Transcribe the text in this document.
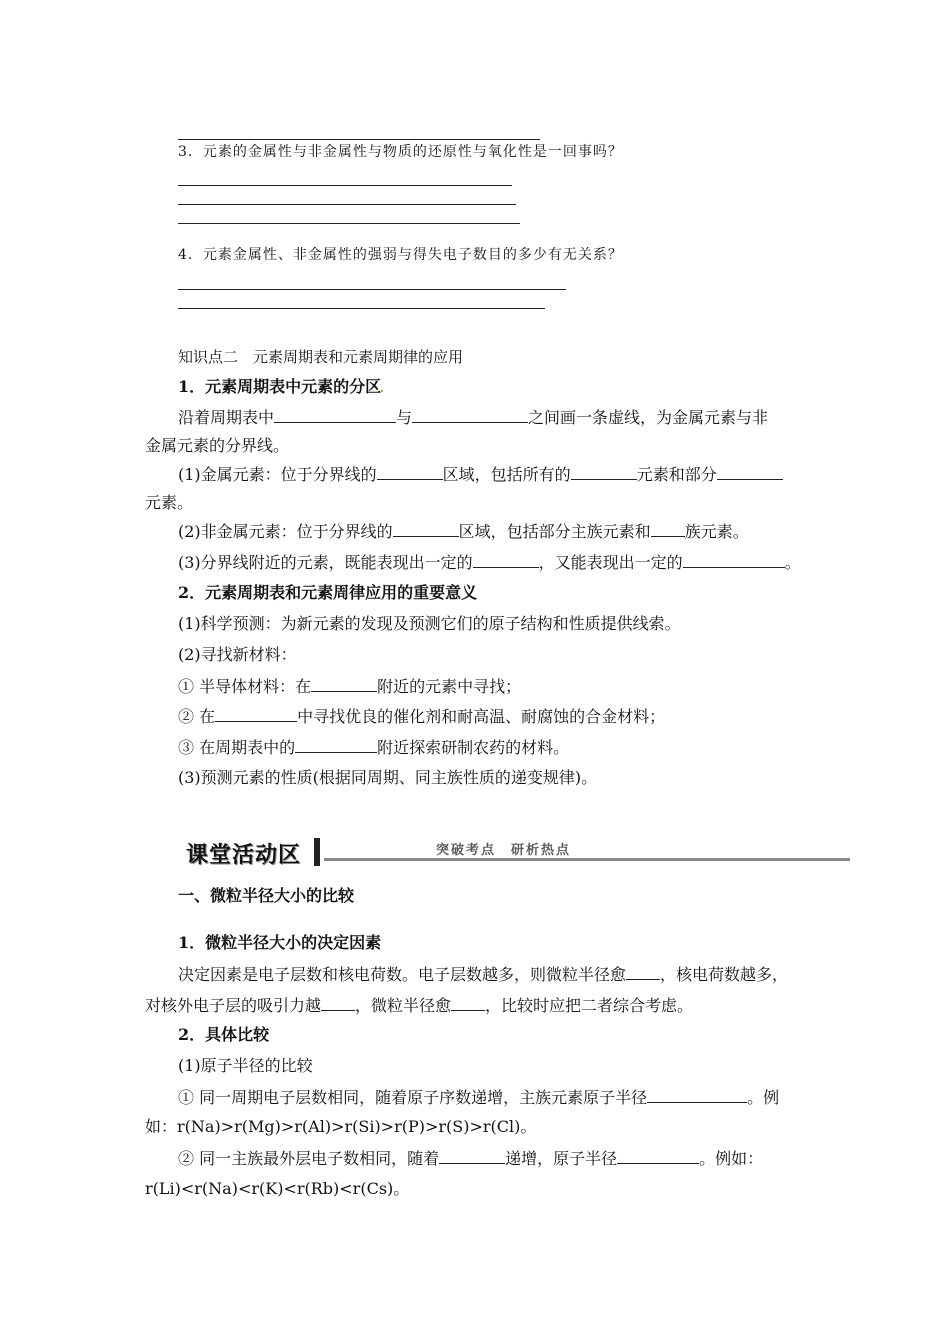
3．元素的金属性与非金属性与物质的还原性与氧化性是一回事吗？
4．元素金属性、非金属性的强弱与得失电子数目的多少有无关系？
知识点二　元素周期表和元素周期律的应用
1．元素周期表中元素的分区
沿着周期表中	与	之间画一条虚线，为金属元素与非
金属元素的分界线。
(1)金属元素：位于分界线的	区域，包括所有的	元素和部分
元素。
(2)非金属元素：位于分界线的	区域，包括部分主族元素和 族元素。
(3)分界线附近的元素，既能表现出一定的	，又能表现出一定的	。
2．元素周期表和元素周律应用的重要意义
(1)科学预测：为新元素的发现及预测它们的原子结构和性质提供线索。
(2)寻找新材料：
① 半导体材料：在	附近的元素中寻找；
② 在	中寻找优良的催化剂和耐高温、耐腐蚀的合金材料；
③ 在周期表中的	附近探索研制农药的材料。
(3)预测元素的性质(根据同周期、同主族性质的递变规律)。
课堂活动区	突破考点　研析热点
一、微粒半径大小的比较
1．微粒半径大小的决定因素
决定因素是电子层数和核电荷数。电子层数越多，则微粒半径愈 ，核电荷数越多，
对核外电子层的吸引力越 ，微粒半径愈 ，比较时应把二者综合考虑。
2．具体比较
(1)原子半径的比较
① 同一周期电子层数相同，随着原子序数递增，主族元素原子半径	。例
如：r(Na)>r(Mg)>r(Al)>r(Si)>r(P)>r(S)>r(Cl)。
② 同一主族最外层电子数相同，随着	递增，原子半径	。例如：
r(Li)<r(Na)<r(K)<r(Rb)<r(Cs)。
